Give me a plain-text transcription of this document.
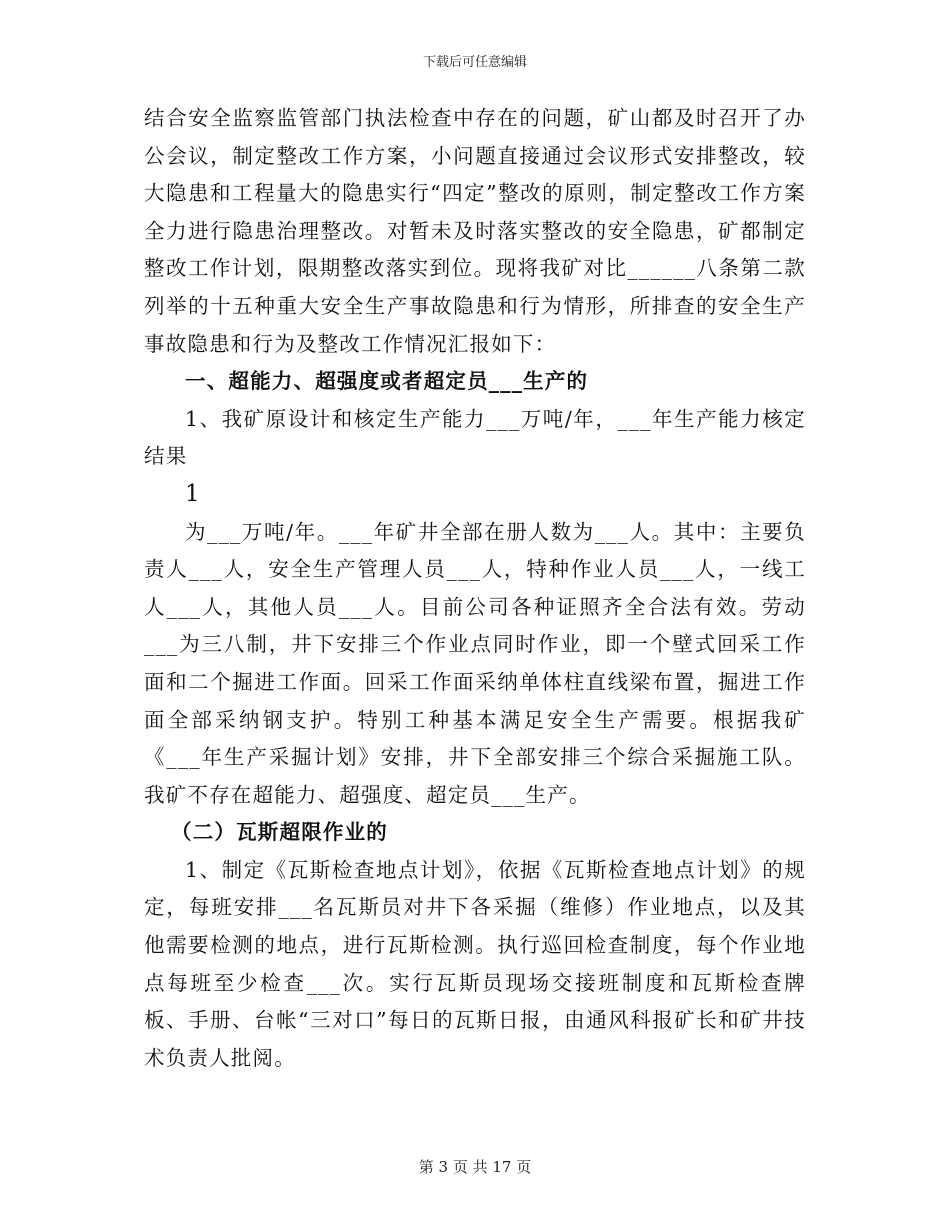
下载后可任意编辑

结合安全监察监管部门执法检查中存在的问题，矿山都及时召开了办公会议，制定整改工作方案，小问题直接通过会议形式安排整改，较大隐患和工程量大的隐患实行“四定”整改的原则，制定整改工作方案全力进行隐患治理整改。对暂未及时落实整改的安全隐患，矿都制定整改工作计划，限期整改落实到位。现将我矿对比______八条第二款列举的十五种重大安全生产事故隐患和行为情形，所排查的安全生产事故隐患和行为及整改工作情况汇报如下：

一、超能力、超强度或者超定员___生产的

1、我矿原设计和核定生产能力___万吨/年，___年生产能力核定结果

1

为___万吨/年。___年矿井全部在册人数为___人。其中：主要负责人___人，安全生产管理人员___人，特种作业人员___人，一线工人___人，其他人员___人。目前公司各种证照齐全合法有效。劳动___为三八制，井下安排三个作业点同时作业，即一个壁式回采工作面和二个掘进工作面。回采工作面采纳单体柱直线梁布置，掘进工作面全部采纳钢支护。特别工种基本满足安全生产需要。根据我矿《___年生产采掘计划》安排，井下全部安排三个综合采掘施工队。我矿不存在超能力、超强度、超定员___生产。

（二）瓦斯超限作业的

1、制定《瓦斯检查地点计划》，依据《瓦斯检查地点计划》的规定，每班安排___名瓦斯员对井下各采掘（维修）作业地点，以及其他需要检测的地点，进行瓦斯检测。执行巡回检查制度，每个作业地点每班至少检查___次。实行瓦斯员现场交接班制度和瓦斯检查牌板、手册、台帐“三对口”每日的瓦斯日报，由通风科报矿长和矿井技术负责人批阅。

第 3 页 共 17 页
